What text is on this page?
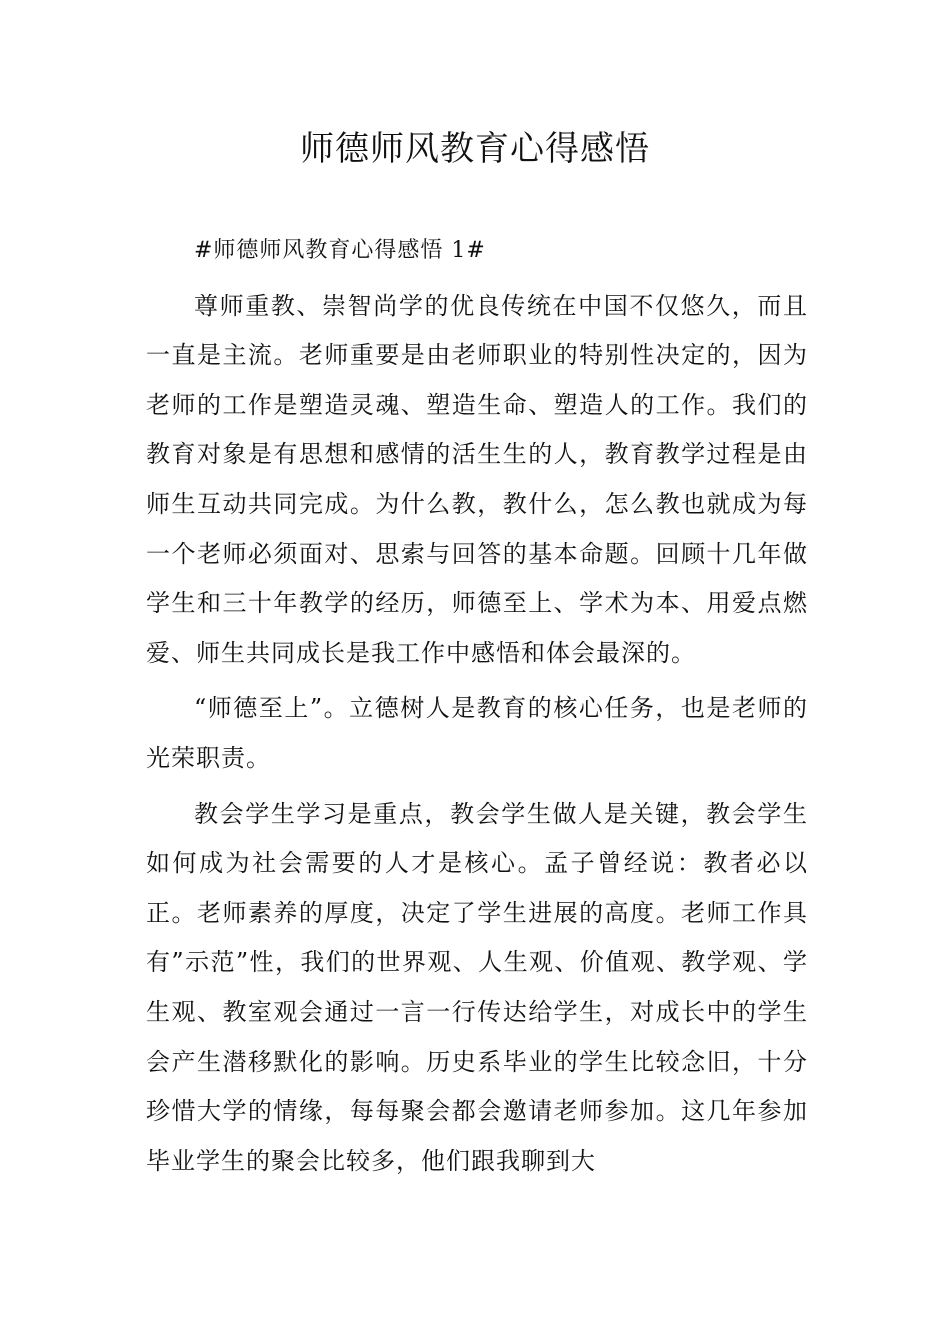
师德师风教育心得感悟

#师德师风教育心得感悟 1#

尊师重教、崇智尚学的优良传统在中国不仅悠久，而且一直是主流。老师重要是由老师职业的特别性决定的，因为老师的工作是塑造灵魂、塑造生命、塑造人的工作。我们的教育对象是有思想和感情的活生生的人，教育教学过程是由师生互动共同完成。为什么教，教什么，怎么教也就成为每一个老师必须面对、思索与回答的基本命题。回顾十几年做学生和三十年教学的经历，师德至上、学术为本、用爱点燃爱、师生共同成长是我工作中感悟和体会最深的。

“师德至上”。立德树人是教育的核心任务，也是老师的光荣职责。

教会学生学习是重点，教会学生做人是关键，教会学生如何成为社会需要的人才是核心。孟子曾经说：教者必以正。老师素养的厚度，决定了学生进展的高度。老师工作具有”示范”性，我们的世界观、人生观、价值观、教学观、学生观、教室观会通过一言一行传达给学生，对成长中的学生会产生潜移默化的影响。历史系毕业的学生比较念旧，十分珍惜大学的情缘，每每聚会都会邀请老师参加。这几年参加毕业学生的聚会比较多，他们跟我聊到大
